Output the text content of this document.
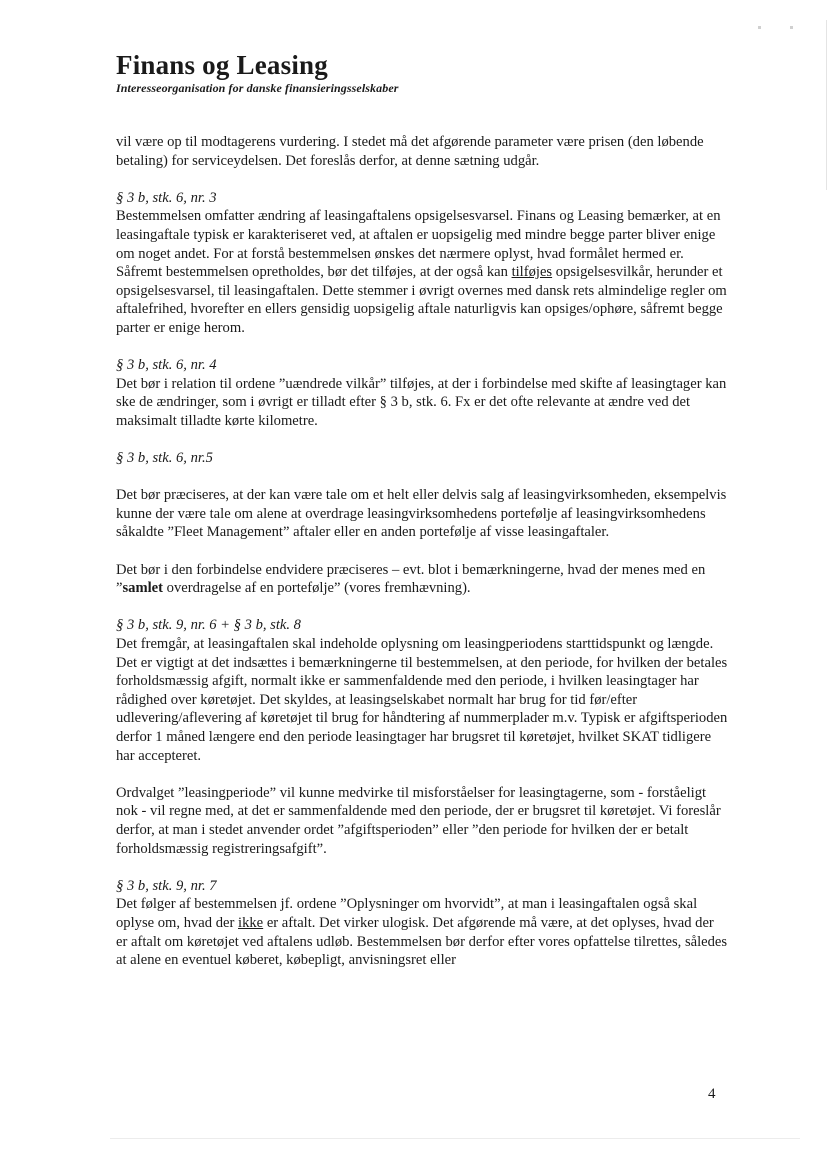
Finans og Leasing
Interesseorganisation for danske finansieringsselskaber

vil være op til modtagerens vurdering. I stedet må det afgørende parameter være prisen (den løbende betaling) for serviceydelsen. Det foreslås derfor, at denne sætning udgår.

§ 3 b, stk. 6, nr. 3

Bestemmelsen omfatter ændring af leasingaftalens opsigelsesvarsel. Finans og Leasing bemærker, at en leasingaftale typisk er karakteriseret ved, at aftalen er uopsigelig med mindre begge parter bliver enige om noget andet. For at forstå bestemmelsen ønskes det nærmere oplyst, hvad formålet hermed er. Såfremt bestemmelsen opretholdes, bør det tilføjes, at der også kan tilføjes opsigelsesvilkår, herunder et opsigelsesvarsel, til leasingaftalen. Dette stemmer i øvrigt overnes med dansk rets almindelige regler om aftalefrihed, hvorefter en ellers gensidig uopsigelig aftale naturligvis kan opsiges/ophøre, såfremt begge parter er enige herom.

§ 3 b, stk. 6, nr. 4

Det bør i relation til ordene ”uændrede vilkår” tilføjes, at der i forbindelse med skifte af leasingtager kan ske de ændringer, som i øvrigt er tilladt efter § 3 b, stk. 6. Fx er det ofte relevante at ændre ved det maksimalt tilladte kørte kilometre.

§ 3 b, stk. 6, nr.5

Det bør præciseres, at der kan være tale om et helt eller delvis salg af leasingvirksomheden, eksempelvis kunne der være tale om alene at overdrage leasingvirksomhedens portefølje af leasingvirksomhedens såkaldte ”Fleet Management” aftaler eller en anden portefølje af visse leasingaftaler.

Det bør i den forbindelse endvidere præciseres – evt. blot i bemærkningerne, hvad der menes med en ”samlet overdragelse af en portefølje” (vores fremhævning).

§ 3 b, stk. 9, nr. 6 + § 3 b, stk. 8

Det fremgår, at leasingaftalen skal indeholde oplysning om leasingperiodens starttidspunkt og længde. Det er vigtigt at det indsættes i bemærkningerne til bestemmelsen, at den periode, for hvilken der betales forholdsmæssig afgift, normalt ikke er sammenfaldende med den periode, i hvilken leasingtager har rådighed over køretøjet. Det skyldes, at leasingselskabet normalt har brug for tid før/efter udlevering/aflevering af køretøjet til brug for håndtering af nummerplader m.v. Typisk er afgiftsperioden derfor 1 måned længere end den periode leasingtager har brugsret til køretøjet, hvilket SKAT tidligere har accepteret.

Ordvalget ”leasingperiode” vil kunne medvirke til misforståelser for leasingtagerne, som - forståeligt nok - vil regne med, at det er sammenfaldende med den periode, der er brugsret til køretøjet. Vi foreslår derfor, at man i stedet anvender ordet ”afgiftsperioden” eller ”den periode for hvilken der er betalt forholdsmæssig registreringsafgift”.

§ 3 b, stk. 9, nr. 7

Det følger af bestemmelsen jf. ordene ”Oplysninger om hvorvidt”, at man i leasingaftalen også skal oplyse om, hvad der ikke er aftalt. Det virker ulogisk. Det afgørende må være, at det oplyses, hvad der er aftalt om køretøjet ved aftalens udløb. Bestemmelsen bør derfor efter vores opfattelse tilrettes, således at alene en eventuel køberet, købepligt, anvisningsret eller

4
